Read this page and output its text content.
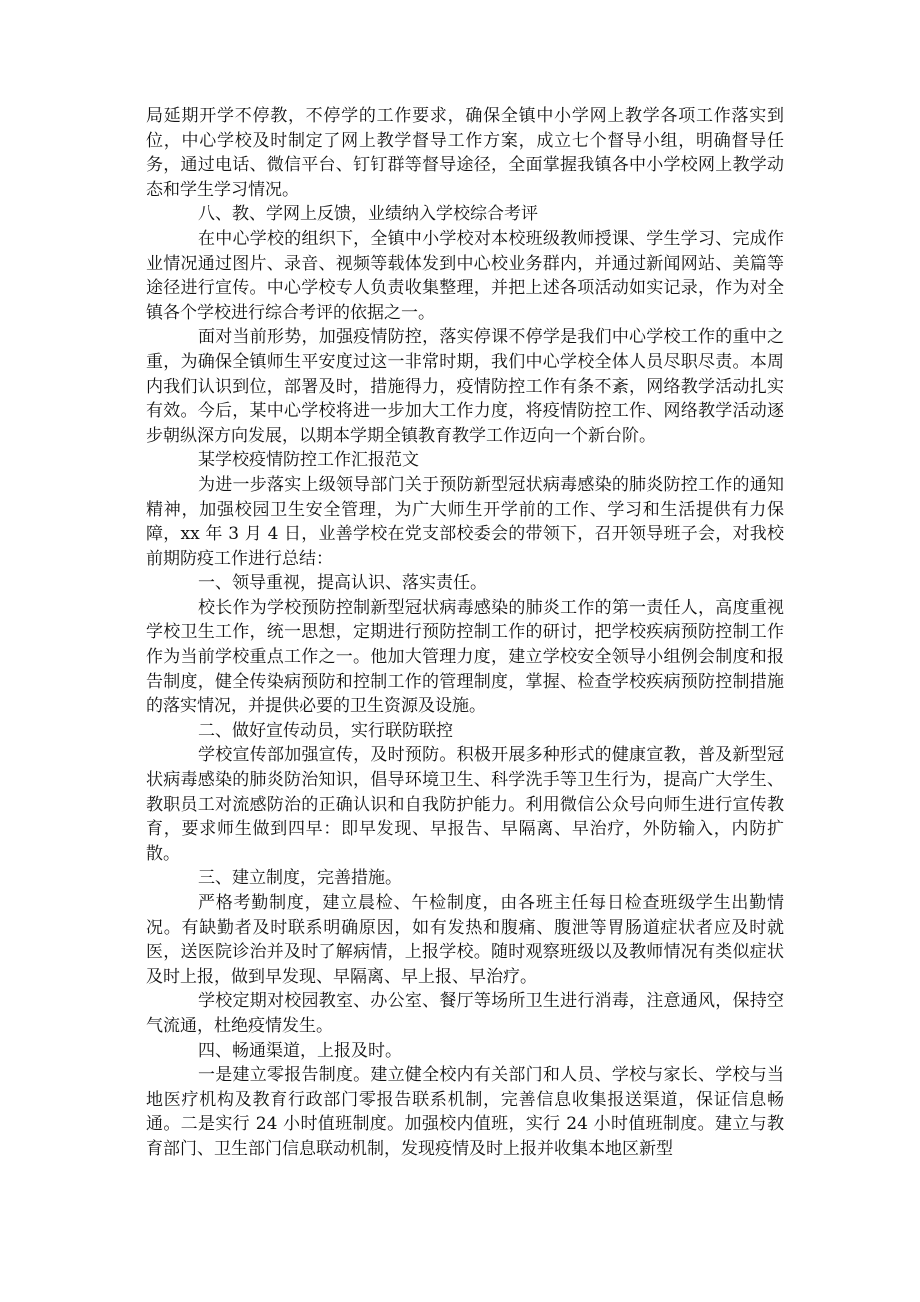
局延期开学不停教，不停学的工作要求，确保全镇中小学网上教学各项工作落实到位，中心学校及时制定了网上教学督导工作方案，成立七个督导小组，明确督导任务，通过电话、微信平台、钉钉群等督导途径，全面掌握我镇各中小学校网上教学动态和学生学习情况。

八、教、学网上反馈，业绩纳入学校综合考评

在中心学校的组织下，全镇中小学校对本校班级教师授课、学生学习、完成作业情况通过图片、录音、视频等载体发到中心校业务群内，并通过新闻网站、美篇等途径进行宣传。中心学校专人负责收集整理，并把上述各项活动如实记录，作为对全镇各个学校进行综合考评的依据之一。

面对当前形势，加强疫情防控，落实停课不停学是我们中心学校工作的重中之重，为确保全镇师生平安度过这一非常时期，我们中心学校全体人员尽职尽责。本周内我们认识到位，部署及时，措施得力，疫情防控工作有条不紊，网络教学活动扎实有效。今后，某中心学校将进一步加大工作力度，将疫情防控工作、网络教学活动逐步朝纵深方向发展，以期本学期全镇教育教学工作迈向一个新台阶。

某学校疫情防控工作汇报范文

为进一步落实上级领导部门关于预防新型冠状病毒感染的肺炎防控工作的通知精神，加强校园卫生安全管理，为广大师生开学前的工作、学习和生活提供有力保障，xx 年 3 月 4 日，业善学校在党支部校委会的带领下，召开领导班子会，对我校前期防疫工作进行总结：

一、领导重视，提高认识、落实责任。

校长作为学校预防控制新型冠状病毒感染的肺炎工作的第一责任人，高度重视学校卫生工作，统一思想，定期进行预防控制工作的研讨，把学校疾病预防控制工作作为当前学校重点工作之一。他加大管理力度，建立学校安全领导小组例会制度和报告制度，健全传染病预防和控制工作的管理制度，掌握、检查学校疾病预防控制措施的落实情况，并提供必要的卫生资源及设施。

二、做好宣传动员，实行联防联控

学校宣传部加强宣传，及时预防。积极开展多种形式的健康宣教，普及新型冠状病毒感染的肺炎防治知识，倡导环境卫生、科学洗手等卫生行为，提高广大学生、教职员工对流感防治的正确认识和自我防护能力。利用微信公众号向师生进行宣传教育，要求师生做到四早：即早发现、早报告、早隔离、早治疗，外防输入，内防扩散。

三、建立制度，完善措施。

严格考勤制度，建立晨检、午检制度，由各班主任每日检查班级学生出勤情况。有缺勤者及时联系明确原因，如有发热和腹痛、腹泄等胃肠道症状者应及时就医，送医院诊治并及时了解病情，上报学校。随时观察班级以及教师情况有类似症状及时上报，做到早发现、早隔离、早上报、早治疗。

学校定期对校园教室、办公室、餐厅等场所卫生进行消毒，注意通风，保持空气流通，杜绝疫情发生。

四、畅通渠道，上报及时。

一是建立零报告制度。建立健全校内有关部门和人员、学校与家长、学校与当地医疗机构及教育行政部门零报告联系机制，完善信息收集报送渠道，保证信息畅通。二是实行 24 小时值班制度。加强校内值班，实行 24 小时值班制度。建立与教育部门、卫生部门信息联动机制，发现疫情及时上报并收集本地区新型
